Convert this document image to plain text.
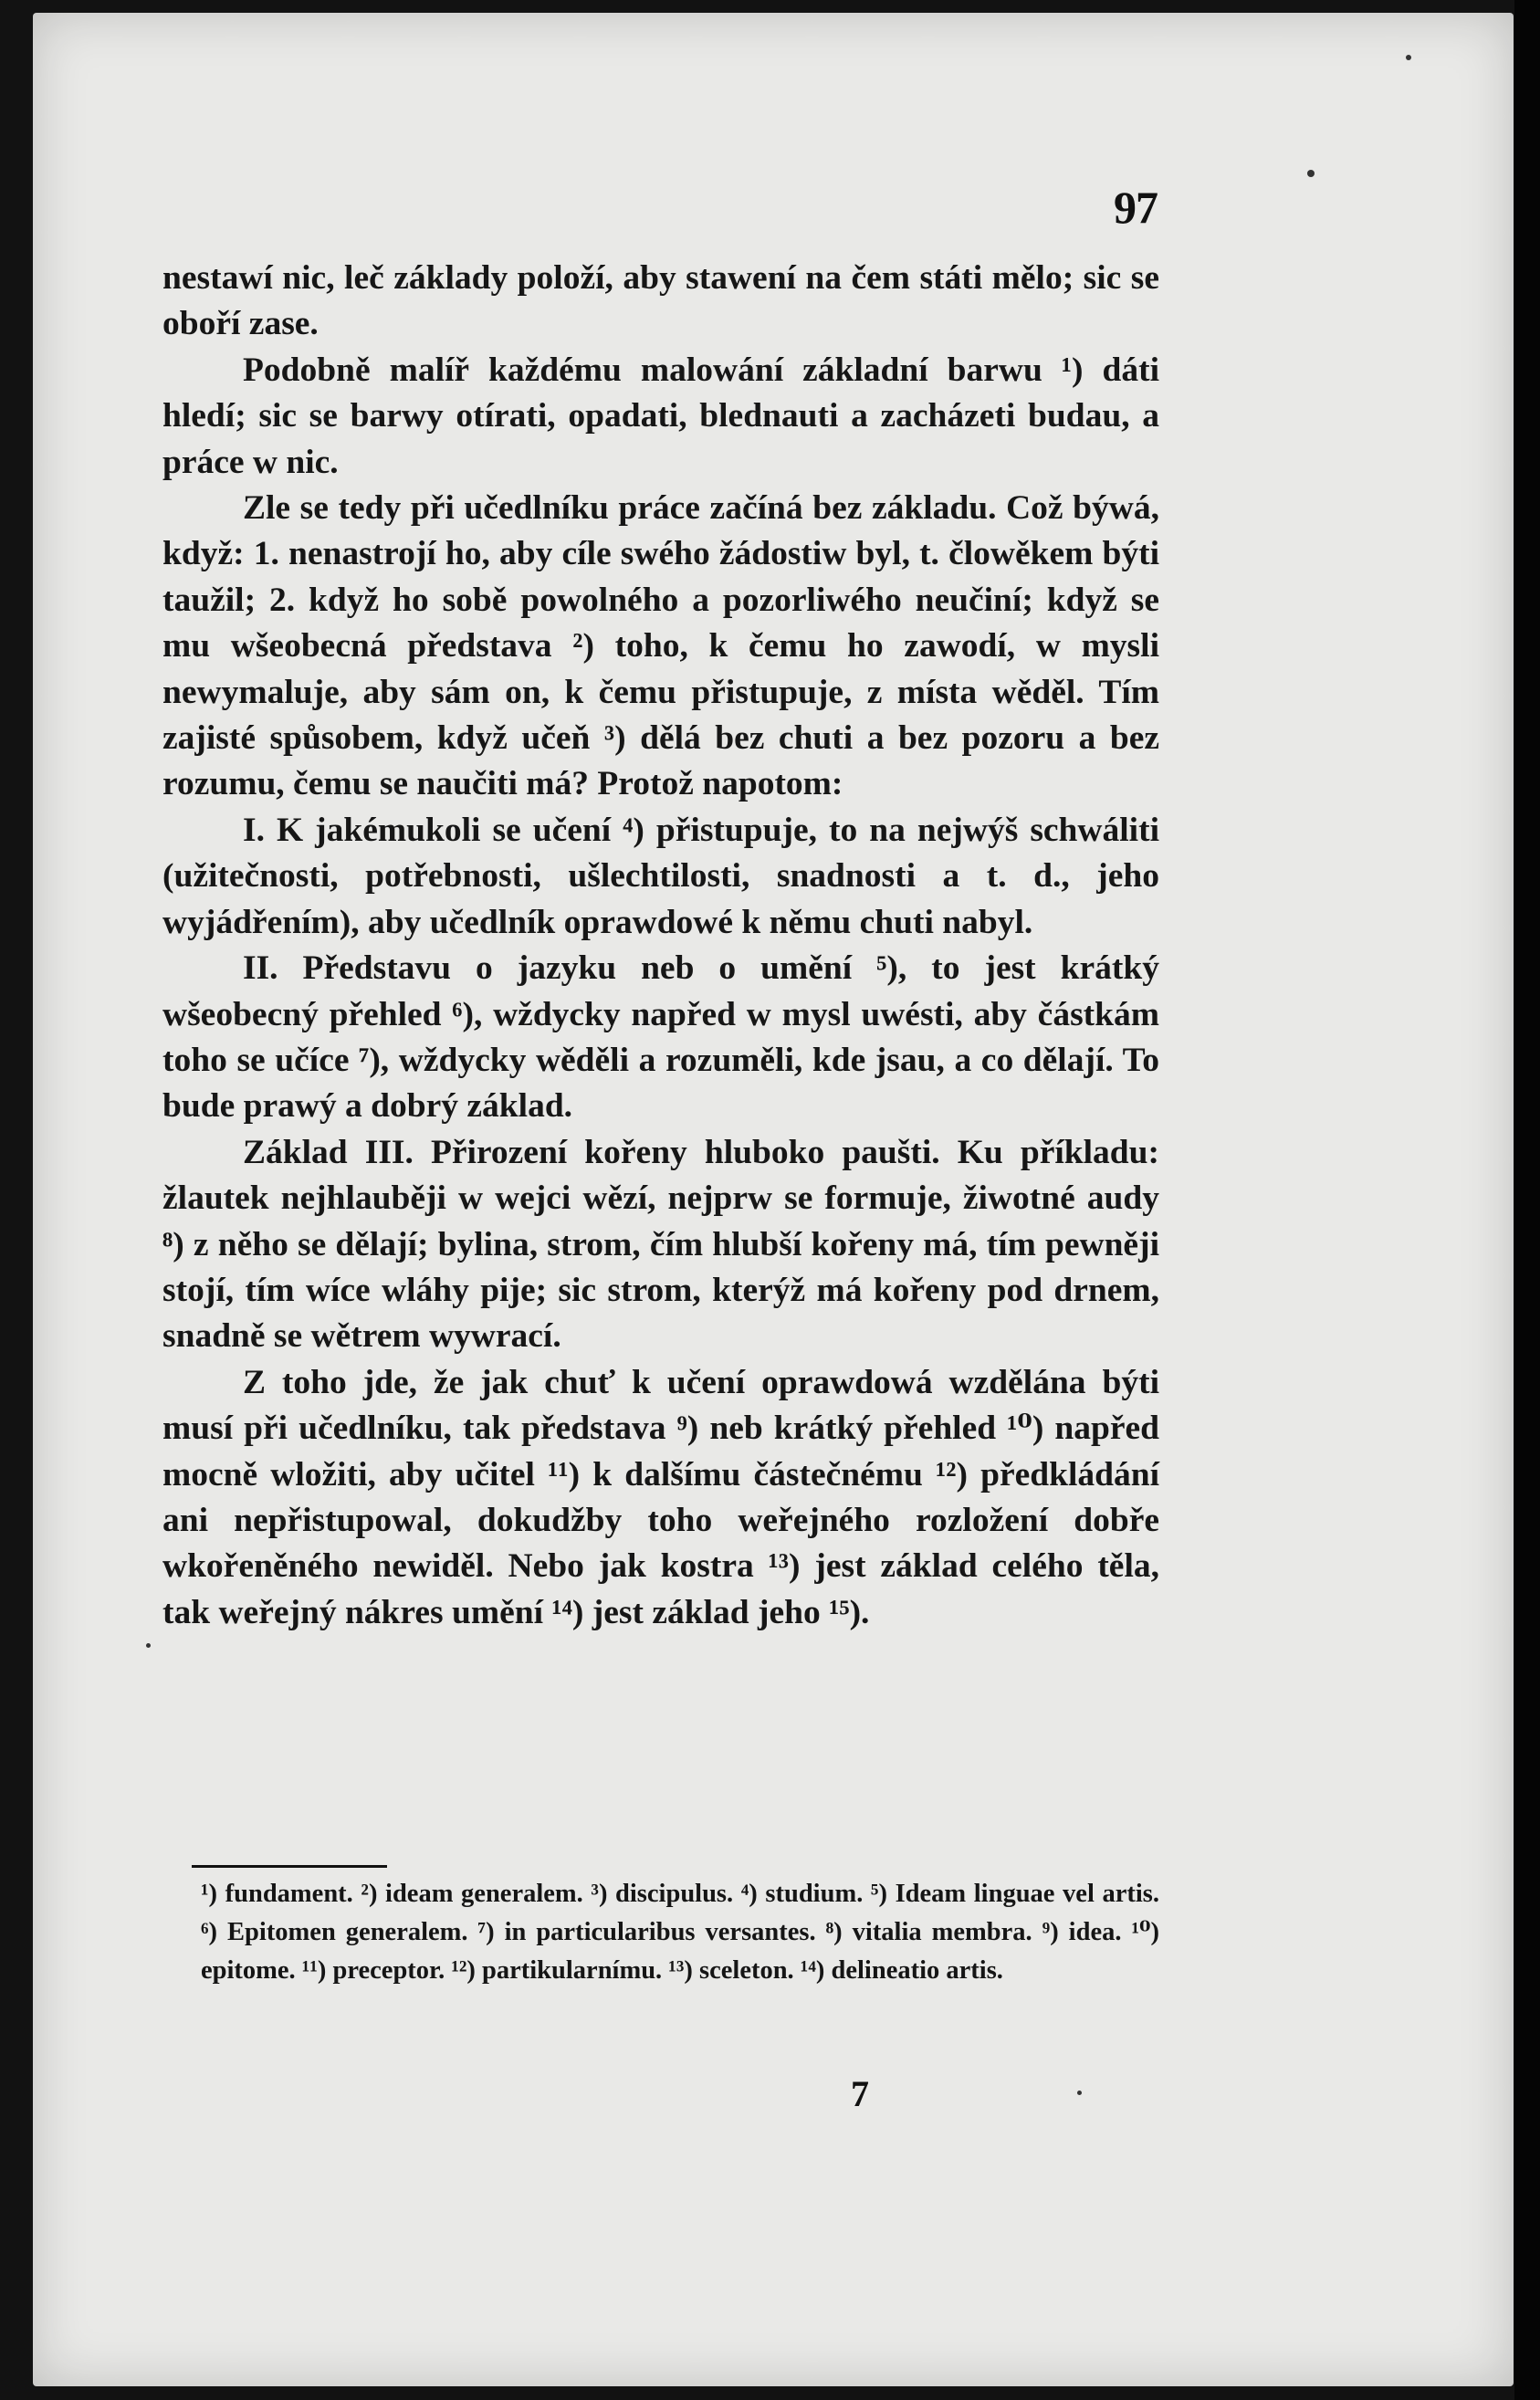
97

nestawí nic, leč základy položí, aby stawení na čem státi mělo; sic se oboří zase.

Podobně malíř každému malowání základní barwu ¹) dáti hledí; sic se barwy otírati, opadati, blednauti a zacházeti budau, a práce w nic.

Zle se tedy při učedlníku práce začíná bez základu. Což býwá, když: 1. nenastrojí ho, aby cíle swého žádostiw byl, t. člowěkem býti taužil; 2. když ho sobě powolného a pozorliwého neučiní; když se mu wšeobecná představa ²) toho, k čemu ho zawodí, w mysli newymaluje, aby sám on, k čemu přistupuje, z místa wěděl. Tím zajisté spůsobem, když učeň ³) dělá bez chuti a bez pozoru a bez rozumu, čemu se naučiti má? Protož napotom:

I. K jakémukoli se učení ⁴) přistupuje, to na nejwýš schwáliti (užitečnosti, potřebnosti, ušlechtilosti, snadnosti a t. d., jeho wyjádřením), aby učedlník oprawdowé k němu chuti nabyl.

II. Představu o jazyku neb o umění ⁵), to jest krátký wšeobecný přehled ⁶), wždycky napřed w mysl uwésti, aby částkám toho se učíce ⁷), wždycky wěděli a rozuměli, kde jsau, a co dělají. To bude prawý a dobrý základ.

Základ III. Přirození kořeny hluboko paušti. Ku příkladu: žlautek nejhlauběji w wejci wězí, nejprw se formuje, žiwotné audy ⁸) z něho se dělají; bylina, strom, čím hlubší kořeny má, tím pewněji stojí, tím wíce wláhy pije; sic strom, kterýž má kořeny pod drnem, snadně se wětrem wywrací.

Z toho jde, že jak chuť k učení oprawdowá wzdělána býti musí při učedlníku, tak představa ⁹) neb krátký přehled ¹⁰) napřed mocně wložiti, aby učitel ¹¹) k dalšímu částečnému ¹²) předkládání ani nepřistupowal, dokudžby toho weřejného rozložení dobře wkořeněného newiděl. Nebo jak kostra ¹³) jest základ celého těla, tak weřejný nákres umění ¹⁴) jest základ jeho ¹⁵).

¹) fundament. ²) ideam generalem. ³) discipulus. ⁴) studium. ⁵) Ideam linguae vel artis. ⁶) Epitomen generalem. ⁷) in particularibus versantes. ⁸) vitalia membra. ⁹) idea. ¹⁰) epitome. ¹¹) preceptor. ¹²) partikularnímu. ¹³) sceleton. ¹⁴) delineatio artis.
7
